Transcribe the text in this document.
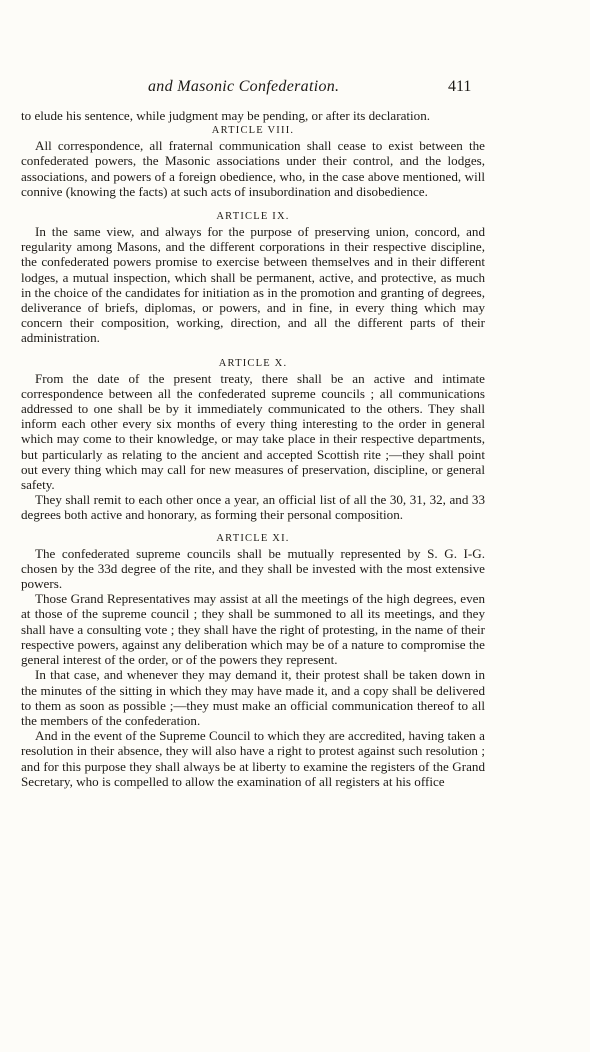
and Masonic Confederation.	411

to elude his sentence, while judgment may be pending, or after its declaration.

ARTICLE VIII.

All correspondence, all fraternal communication shall cease to exist between the confederated powers, the Masonic associations under their control, and the lodges, associations, and powers of a foreign obedience, who, in the case above mentioned, will connive (knowing the facts) at such acts of insubordination and disobedience.

ARTICLE IX.

In the same view, and always for the purpose of preserving union, concord, and regularity among Masons, and the different corporations in their respective discipline, the confederated powers promise to exercise between themselves and in their different lodges, a mutual inspection, which shall be permanent, active, and protective, as much in the choice of the candidates for initiation as in the promotion and granting of degrees, deliverance of briefs, diplomas, or powers, and in fine, in every thing which may concern their composition, working, direction, and all the different parts of their administration.

ARTICLE X.

From the date of the present treaty, there shall be an active and intimate correspondence between all the confederated supreme councils ; all communications addressed to one shall be by it immediately communicated to the others. They shall inform each other every six months of every thing interesting to the order in general which may come to their knowledge, or may take place in their respective departments, but particularly as relating to the ancient and accepted Scottish rite ;—they shall point out every thing which may call for new measures of preservation, discipline, or general safety.

They shall remit to each other once a year, an official list of all the 30, 31, 32, and 33 degrees both active and honorary, as forming their personal composition.

ARTICLE XI.

The confederated supreme councils shall be mutually represented by S. G. I-G. chosen by the 33d degree of the rite, and they shall be invested with the most extensive powers.

Those Grand Representatives may assist at all the meetings of the high degrees, even at those of the supreme council ; they shall be summoned to all its meetings, and they shall have a consulting vote ; they shall have the right of protesting, in the name of their respective powers, against any deliberation which may be of a nature to compromise the general interest of the order, or of the powers they represent.

In that case, and whenever they may demand it, their protest shall be taken down in the minutes of the sitting in which they may have made it, and a copy shall be delivered to them as soon as possible ;—they must make an official communication thereof to all the members of the confederation.

And in the event of the Supreme Council to which they are accredited, having taken a resolution in their absence, they will also have a right to protest against such resolution ; and for this purpose they shall always be at liberty to examine the registers of the Grand Secretary, who is compelled to allow the examination of all registers at his office
